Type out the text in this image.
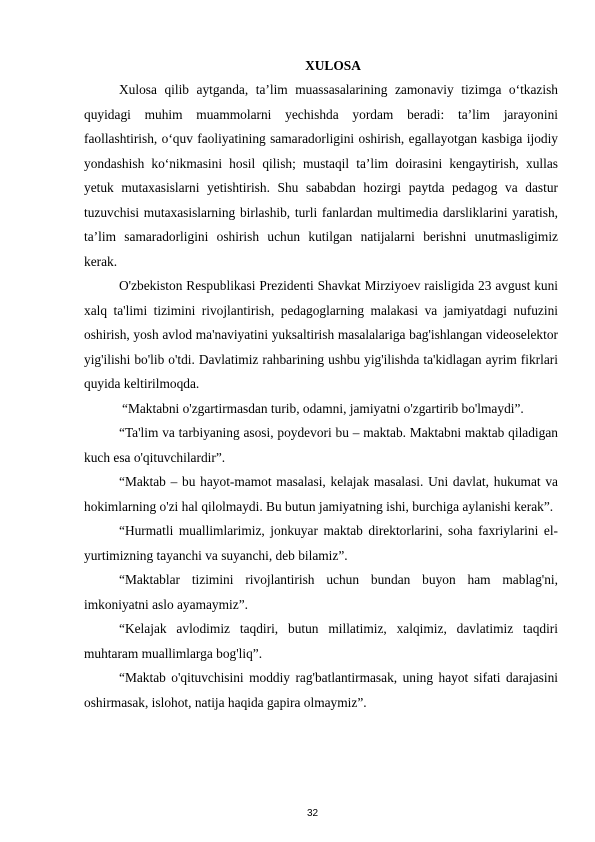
XULOSA

Xulosa qilib aytganda, ta’lim muassasalarining zamonaviy tizimga o‘tkazish quyidagi muhim muammolarni yechishda yordam beradi: ta’lim jarayonini faollashtirish, o‘quv faoliyatining samaradorligini oshirish, egallayotgan kasbiga ijodiy yondashish ko‘nikmasini hosil qilish; mustaqil ta’lim doirasini kengaytirish, xullas yetuk mutaxasislarni yetishtirish. Shu sababdan hozirgi paytda pedagog va dastur tuzuvchisi mutaxasislarning birlashib, turli fanlardan multimedia darsliklarini yaratish, ta’lim samaradorligini oshirish uchun kutilgan natijalarni berishni unutmasligimiz kerak.

O'zbekiston Respublikasi Prezidenti Shavkat Mirziyoev raisligida 23 avgust kuni xalq ta'limi tizimini rivojlantirish, pedagoglarning malakasi va jamiyatdagi nufuzini oshirish, yosh avlod ma'naviyatini yuksaltirish masalalariga bag'ishlangan videoselektor yig'ilishi bo'lib o'tdi. Davlatimiz rahbarining ushbu yig'ilishda ta'kidlagan ayrim fikrlari quyida keltirilmoqda.

“Maktabni o'zgartirmasdan turib, odamni, jamiyatni o'zgartirib bo'lmaydi”.

“Ta'lim va tarbiyaning asosi, poydevori bu – maktab. Maktabni maktab qiladigan kuch esa o'qituvchilardir”.

“Maktab – bu hayot-mamot masalasi, kelajak masalasi. Uni davlat, hukumat va hokimlarning o'zi hal qilolmaydi. Bu butun jamiyatning ishi, burchiga aylanishi kerak”.

“Hurmatli muallimlarimiz, jonkuyar maktab direktorlarini, soha faxriylarini el-yurtimizning tayanchi va suyanchi, deb bilamiz”.

“Maktablar tizimini rivojlantirish uchun bundan buyon ham mablag'ni, imkoniyatni aslo ayamaymiz”.

“Kelajak avlodimiz taqdiri, butun millatimiz, xalqimiz, davlatimiz taqdiri muhtaram muallimlarga bog'liq”.

“Maktab o'qituvchisini moddiy rag'batlantirmasak, uning hayot sifati darajasini oshirmasak, islohot, natija haqida gapira olmaymiz”.

32
